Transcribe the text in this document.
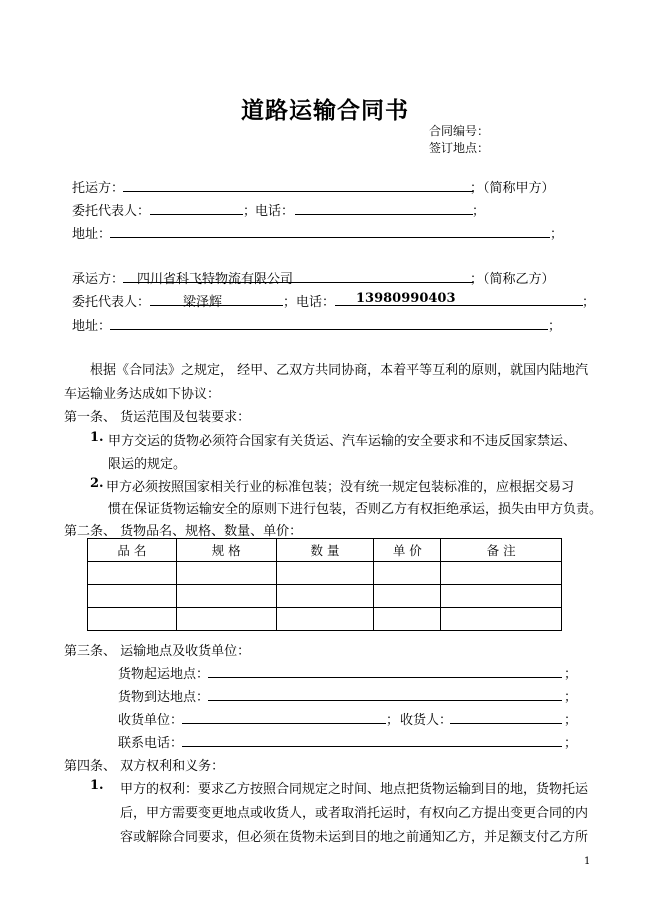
道路运输合同书
合同编号：
签订地点：
托运方：	；（简称甲方）
委托代表人：	；
电话：	；
地址：	；
承运方： 四川省科飞特物流有限公司	；（简称乙方）
委托代表人：	梁泽辉	； 电话： 13980990403	；
地址：	；
根据《合同法》之规定， 经甲、乙双方共同协商，本着平等互利的原则，就国内陆地汽
车运输业务达成如下协议：
第一条、 货运范围及包装要求：
1. 甲方交运的货物必须符合国家有关货运、汽车运输的安全要求和不违反国家禁运、
限运的规定。
2. 甲方必须按照国家相关行业的标准包装；没有统一规定包装标准的，应根据交易习
惯在保证货物运输安全的原则下进行包装，否则乙方有权拒绝承运，损失由甲方负责。
第二条、 货物品名、规格、数量、单价：
品 名	规 格	数 量	单 价	备 注

第三条、 运输地点及收货单位：
货物起运地点：	；
货物到达地点：	；
收货单位：	； 收货人：	；
联系电话：	；
第四条、 双方权利和义务：
1. 甲方的权利：要求乙方按照合同规定之时间、地点把货物运输到目的地，货物托运
后，甲方需要变更地点或收货人，或者取消托运时，有权向乙方提出变更合同的内
容或解除合同要求，但必须在货物未运到目的地之前通知乙方，并足额支付乙方所
1
